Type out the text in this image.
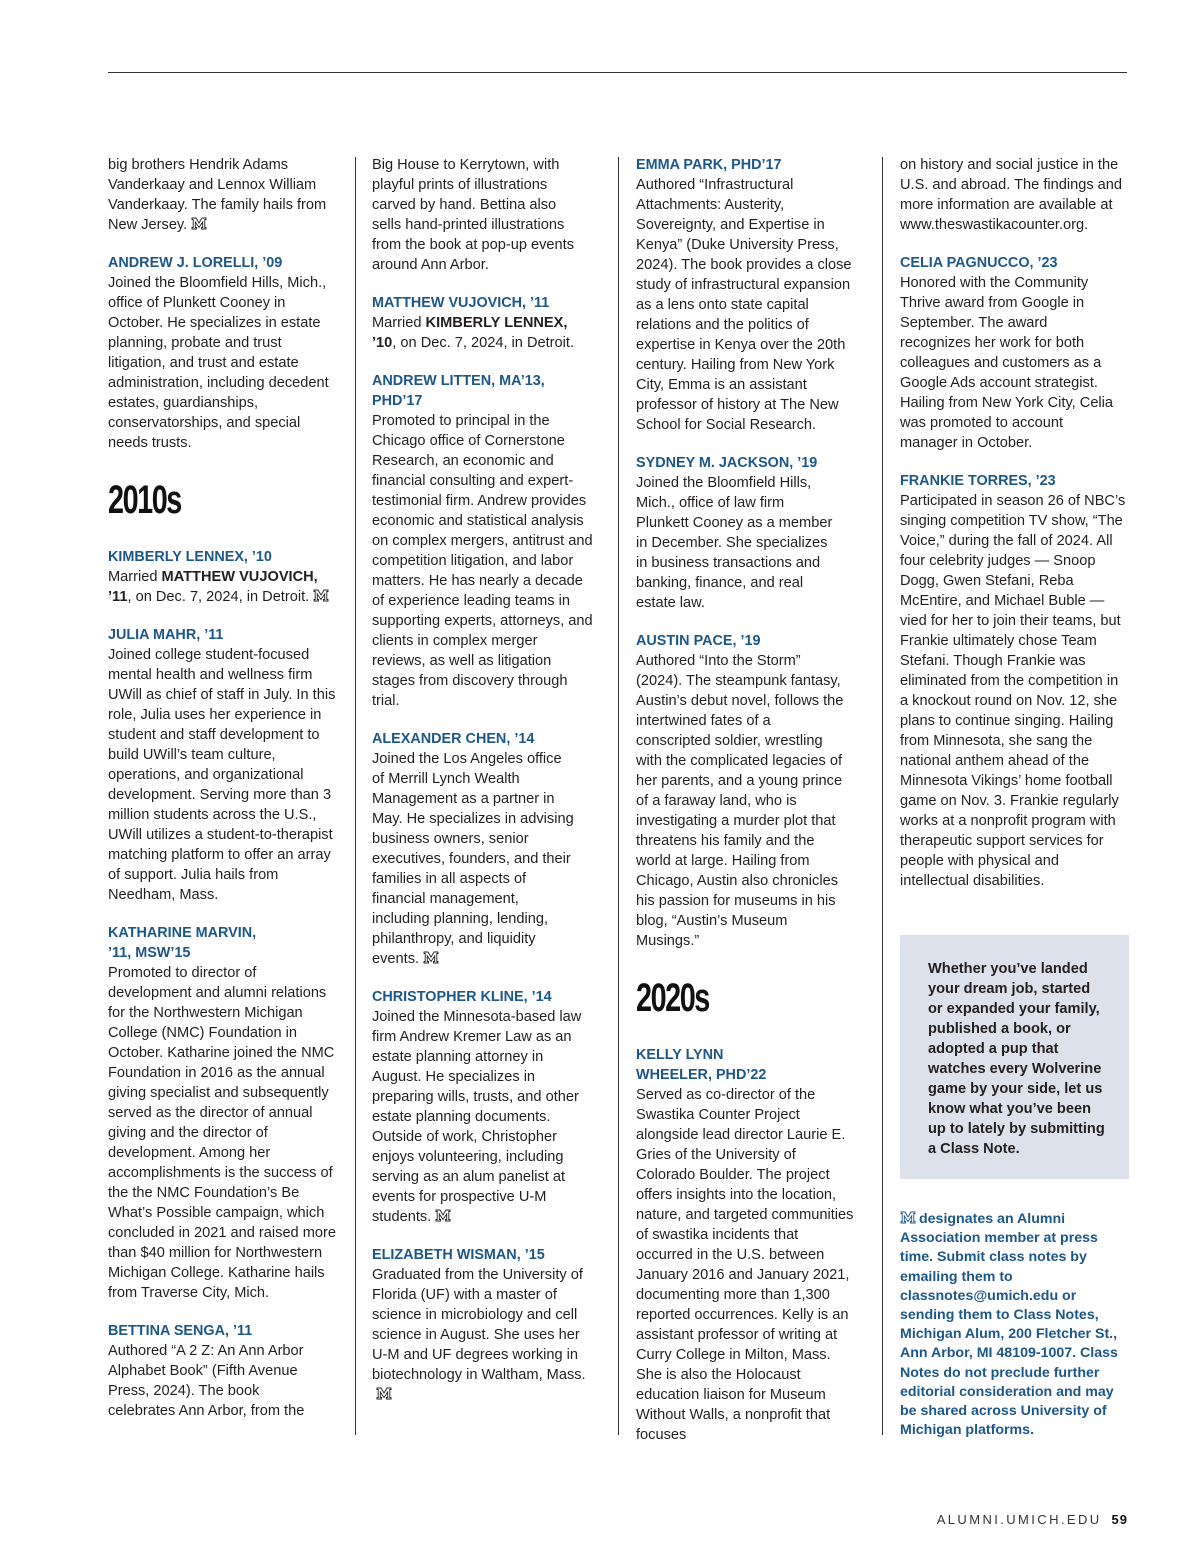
big brothers Hendrik Adams Vanderkaay and Lennox William Vanderkaay. The family hails from New Jersey.

ANDREW J. LORELLI, ’09

Joined the Bloomfield Hills, Mich., office of Plunkett Cooney in October. He specializes in estate planning, probate and trust litigation, and trust and estate administration, including decedent estates, guardianships, conservatorships, and special needs trusts.

2010s
KIMBERLY LENNEX, ’10

Married MATTHEW VUJOVICH, ’11, on Dec. 7, 2024, in Detroit.

JULIA MAHR, ’11

Joined college student-focused mental health and wellness firm UWill as chief of staff in July. In this role, Julia uses her experience in student and staff development to build UWill’s team culture, operations, and organizational development. Serving more than 3 million students across the U.S., UWill utilizes a student-to-therapist matching platform to offer an array of support. Julia hails from Needham, Mass.

KATHARINE MARVIN, ’11, MSW’15

Promoted to director of development and alumni relations for the Northwestern Michigan College (NMC) Foundation in October. Katharine joined the NMC Foundation in 2016 as the annual giving specialist and subsequently served as the director of annual giving and the director of development. Among her accomplishments is the success of the the NMC Foundation’s Be What’s Possible campaign, which concluded in 2021 and raised more than $40 million for Northwestern Michigan College. Katharine hails from Traverse City, Mich.

BETTINA SENGA, ’11

Authored “A 2 Z: An Ann Arbor Alphabet Book” (Fifth Avenue Press, 2024). The book celebrates Ann Arbor, from the

Big House to Kerrytown, with playful prints of illustrations carved by hand. Bettina also sells hand-printed illustrations from the book at pop-up events around Ann Arbor.

MATTHEW VUJOVICH, ’11

Married KIMBERLY LENNEX, ’10, on Dec. 7, 2024, in Detroit.

ANDREW LITTEN, MA’13, PHD’17

Promoted to principal in the Chicago office of Cornerstone Research, an economic and financial consulting and expert-testimonial firm. Andrew provides economic and statistical analysis on complex mergers, antitrust and competition litigation, and labor matters. He has nearly a decade of experience leading teams in supporting experts, attorneys, and clients in complex merger reviews, as well as litigation stages from discovery through trial.

ALEXANDER CHEN, ’14

Joined the Los Angeles office of Merrill Lynch Wealth Management as a partner in May. He specializes in advising business owners, senior executives, founders, and their families in all aspects of financial management, including planning, lending, philanthropy, and liquidity events.

CHRISTOPHER KLINE, ’14

Joined the Minnesota-based law firm Andrew Kremer Law as an estate planning attorney in August. He specializes in preparing wills, trusts, and other estate planning documents. Outside of work, Christopher enjoys volunteering, including serving as an alum panelist at events for prospective U-M students.

ELIZABETH WISMAN, ’15

Graduated from the University of Florida (UF) with a master of science in microbiology and cell science in August. She uses her U-M and UF degrees working in biotechnology in Waltham, Mass.

EMMA PARK, PHD’17

Authored “Infrastructural Attachments: Austerity, Sovereignty, and Expertise in Kenya” (Duke University Press, 2024). The book provides a close study of infrastructural expansion as a lens onto state capital relations and the politics of expertise in Kenya over the 20th century. Hailing from New York City, Emma is an assistant professor of history at The New School for Social Research.

SYDNEY M. JACKSON, ’19

Joined the Bloomfield Hills, Mich., office of law firm Plunkett Cooney as a member in December. She specializes in business transactions and banking, finance, and real estate law.

AUSTIN PACE, ’19

Authored “Into the Storm” (2024). The steampunk fantasy, Austin’s debut novel, follows the intertwined fates of a conscripted soldier, wrestling with the complicated legacies of her parents, and a young prince of a faraway land, who is investigating a murder plot that threatens his family and the world at large. Hailing from Chicago, Austin also chronicles his passion for museums in his blog, “Austin’s Museum Musings.”

2020s
KELLY LYNN WHEELER, PHD’22

Served as co-director of the Swastika Counter Project alongside lead director Laurie E. Gries of the University of Colorado Boulder. The project offers insights into the location, nature, and targeted communities of swastika incidents that occurred in the U.S. between January 2016 and January 2021, documenting more than 1,300 reported occurrences. Kelly is an assistant professor of writing at Curry College in Milton, Mass. She is also the Holocaust education liaison for Museum Without Walls, a nonprofit that focuses

on history and social justice in the U.S. and abroad. The findings and more information are available at www.theswastikacounter.org.

CELIA PAGNUCCO, ’23

Honored with the Community Thrive award from Google in September. The award recognizes her work for both colleagues and customers as a Google Ads account strategist. Hailing from New York City, Celia was promoted to account manager in October.

FRANKIE TORRES, ’23

Participated in season 26 of NBC’s singing competition TV show, “The Voice,” during the fall of 2024. All four celebrity judges — Snoop Dogg, Gwen Stefani, Reba McEntire, and Michael Buble — vied for her to join their teams, but Frankie ultimately chose Team Stefani. Though Frankie was eliminated from the competition in a knockout round on Nov. 12, she plans to continue singing. Hailing from Minnesota, she sang the national anthem ahead of the Minnesota Vikings’ home football game on Nov. 3. Frankie regularly works at a nonprofit program with therapeutic support services for people with physical and intellectual disabilities.

Whether you’ve landed your dream job, started or expanded your family, published a book, or adopted a pup that watches every Wolverine game by your side, let us know what you’ve been up to lately by submitting a Class Note.
designates an Alumni Association member at press time. Submit class notes by emailing them to classnotes@umich.edu or sending them to Class Notes, Michigan Alum, 200 Fletcher St., Ann Arbor, MI 48109-1007. Class Notes do not preclude further editorial consideration and may be shared across University of Michigan platforms.
ALUMNI.UMICH.EDU 59
